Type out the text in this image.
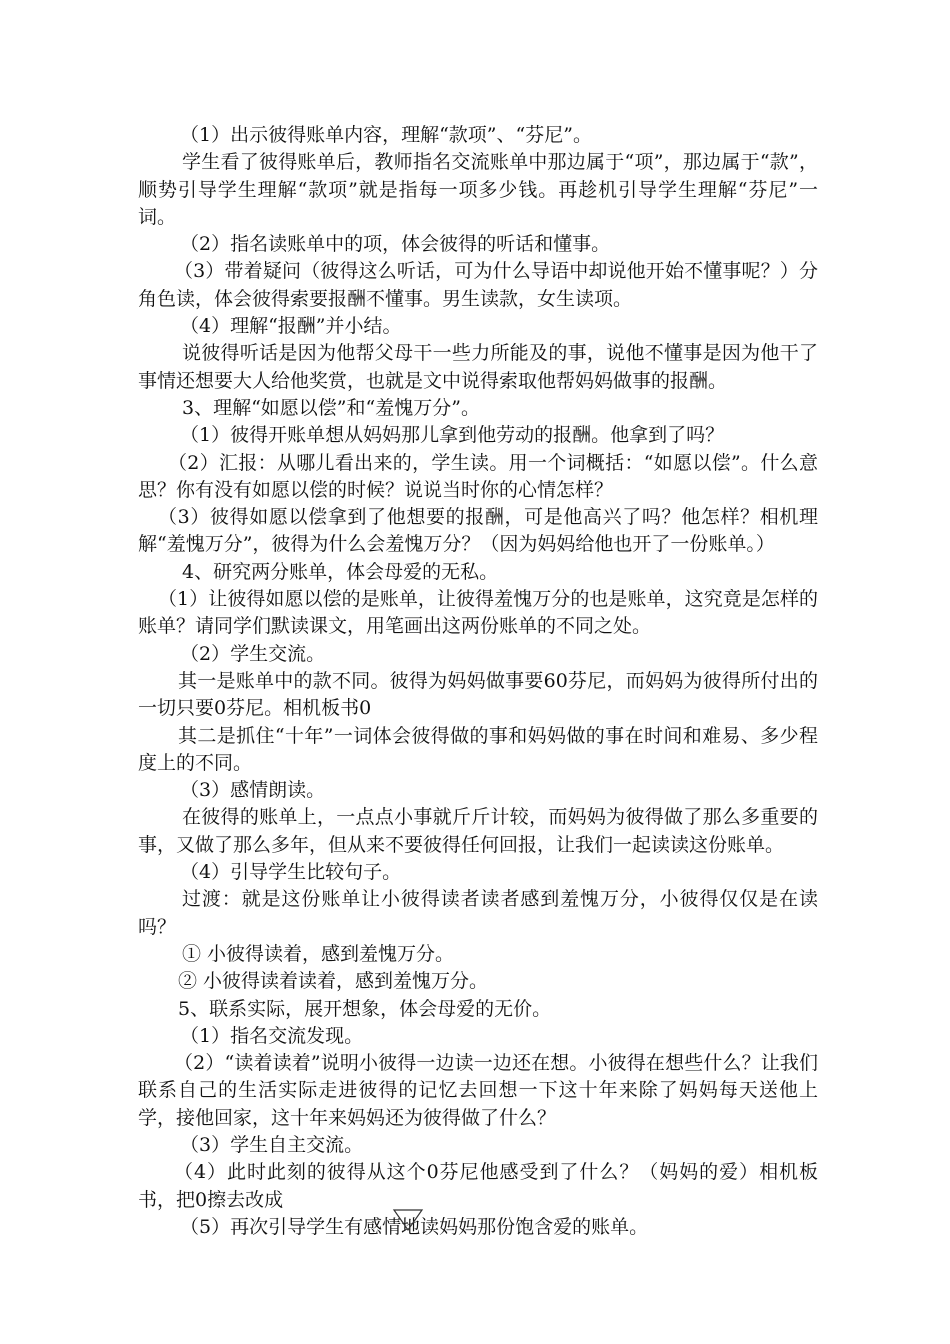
（1）出示彼得账单内容，理解“款项”、“芬尼”。

学生看了彼得账单后，教师指名交流账单中那边属于“项”，那边属于“款”，顺势引导学生理解“款项”就是指每一项多少钱。再趁机引导学生理解“芬尼”一词。

（2）指名读账单中的项，体会彼得的听话和懂事。

（3）带着疑问（彼得这么听话，可为什么导语中却说他开始不懂事呢？）分角色读，体会彼得索要报酬不懂事。男生读款，女生读项。

（4）理解“报酬”并小结。

说彼得听话是因为他帮父母干一些力所能及的事，说他不懂事是因为他干了事情还想要大人给他奖赏，也就是文中说得索取他帮妈妈做事的报酬。

3、理解“如愿以偿”和“羞愧万分”。

（1）彼得开账单想从妈妈那儿拿到他劳动的报酬。他拿到了吗？

（2）汇报：从哪儿看出来的，学生读。用一个词概括：“如愿以偿”。什么意思？你有没有如愿以偿的时候？说说当时你的心情怎样？

（3）彼得如愿以偿拿到了他想要的报酬，可是他高兴了吗？他怎样？相机理解“羞愧万分”，彼得为什么会羞愧万分？（因为妈妈给他也开了一份账单。）

4、研究两分账单，体会母爱的无私。

（1）让彼得如愿以偿的是账单，让彼得羞愧万分的也是账单，这究竟是怎样的账单？请同学们默读课文，用笔画出这两份账单的不同之处。

（2）学生交流。

其一是账单中的款不同。彼得为妈妈做事要60芬尼，而妈妈为彼得所付出的一切只要0芬尼。相机板书0

其二是抓住“十年”一词体会彼得做的事和妈妈做的事在时间和难易、多少程度上的不同。

（3）感情朗读。

在彼得的账单上，一点点小事就斤斤计较，而妈妈为彼得做了那么多重要的事，又做了那么多年，但从来不要彼得任何回报，让我们一起读读这份账单。

（4）引导学生比较句子。

过渡：就是这份账单让小彼得读者读者感到羞愧万分，小彼得仅仅是在读吗？

① 小彼得读着，感到羞愧万分。

② 小彼得读着读着，感到羞愧万分。

5、联系实际，展开想象，体会母爱的无价。

（1）指名交流发现。

（2）“读着读着”说明小彼得一边读一边还在想。小彼得在想些什么？让我们联系自己的生活实际走进彼得的记忆去回想一下这十年来除了妈妈每天送他上学，接他回家，这十年来妈妈还为彼得做了什么？

（3）学生自主交流。

（4）此时此刻的彼得从这个0芬尼他感受到了什么？（妈妈的爱）相机板书，把0擦去改成

（5）再次引导学生有感情地读妈妈那份饱含爱的账单。
